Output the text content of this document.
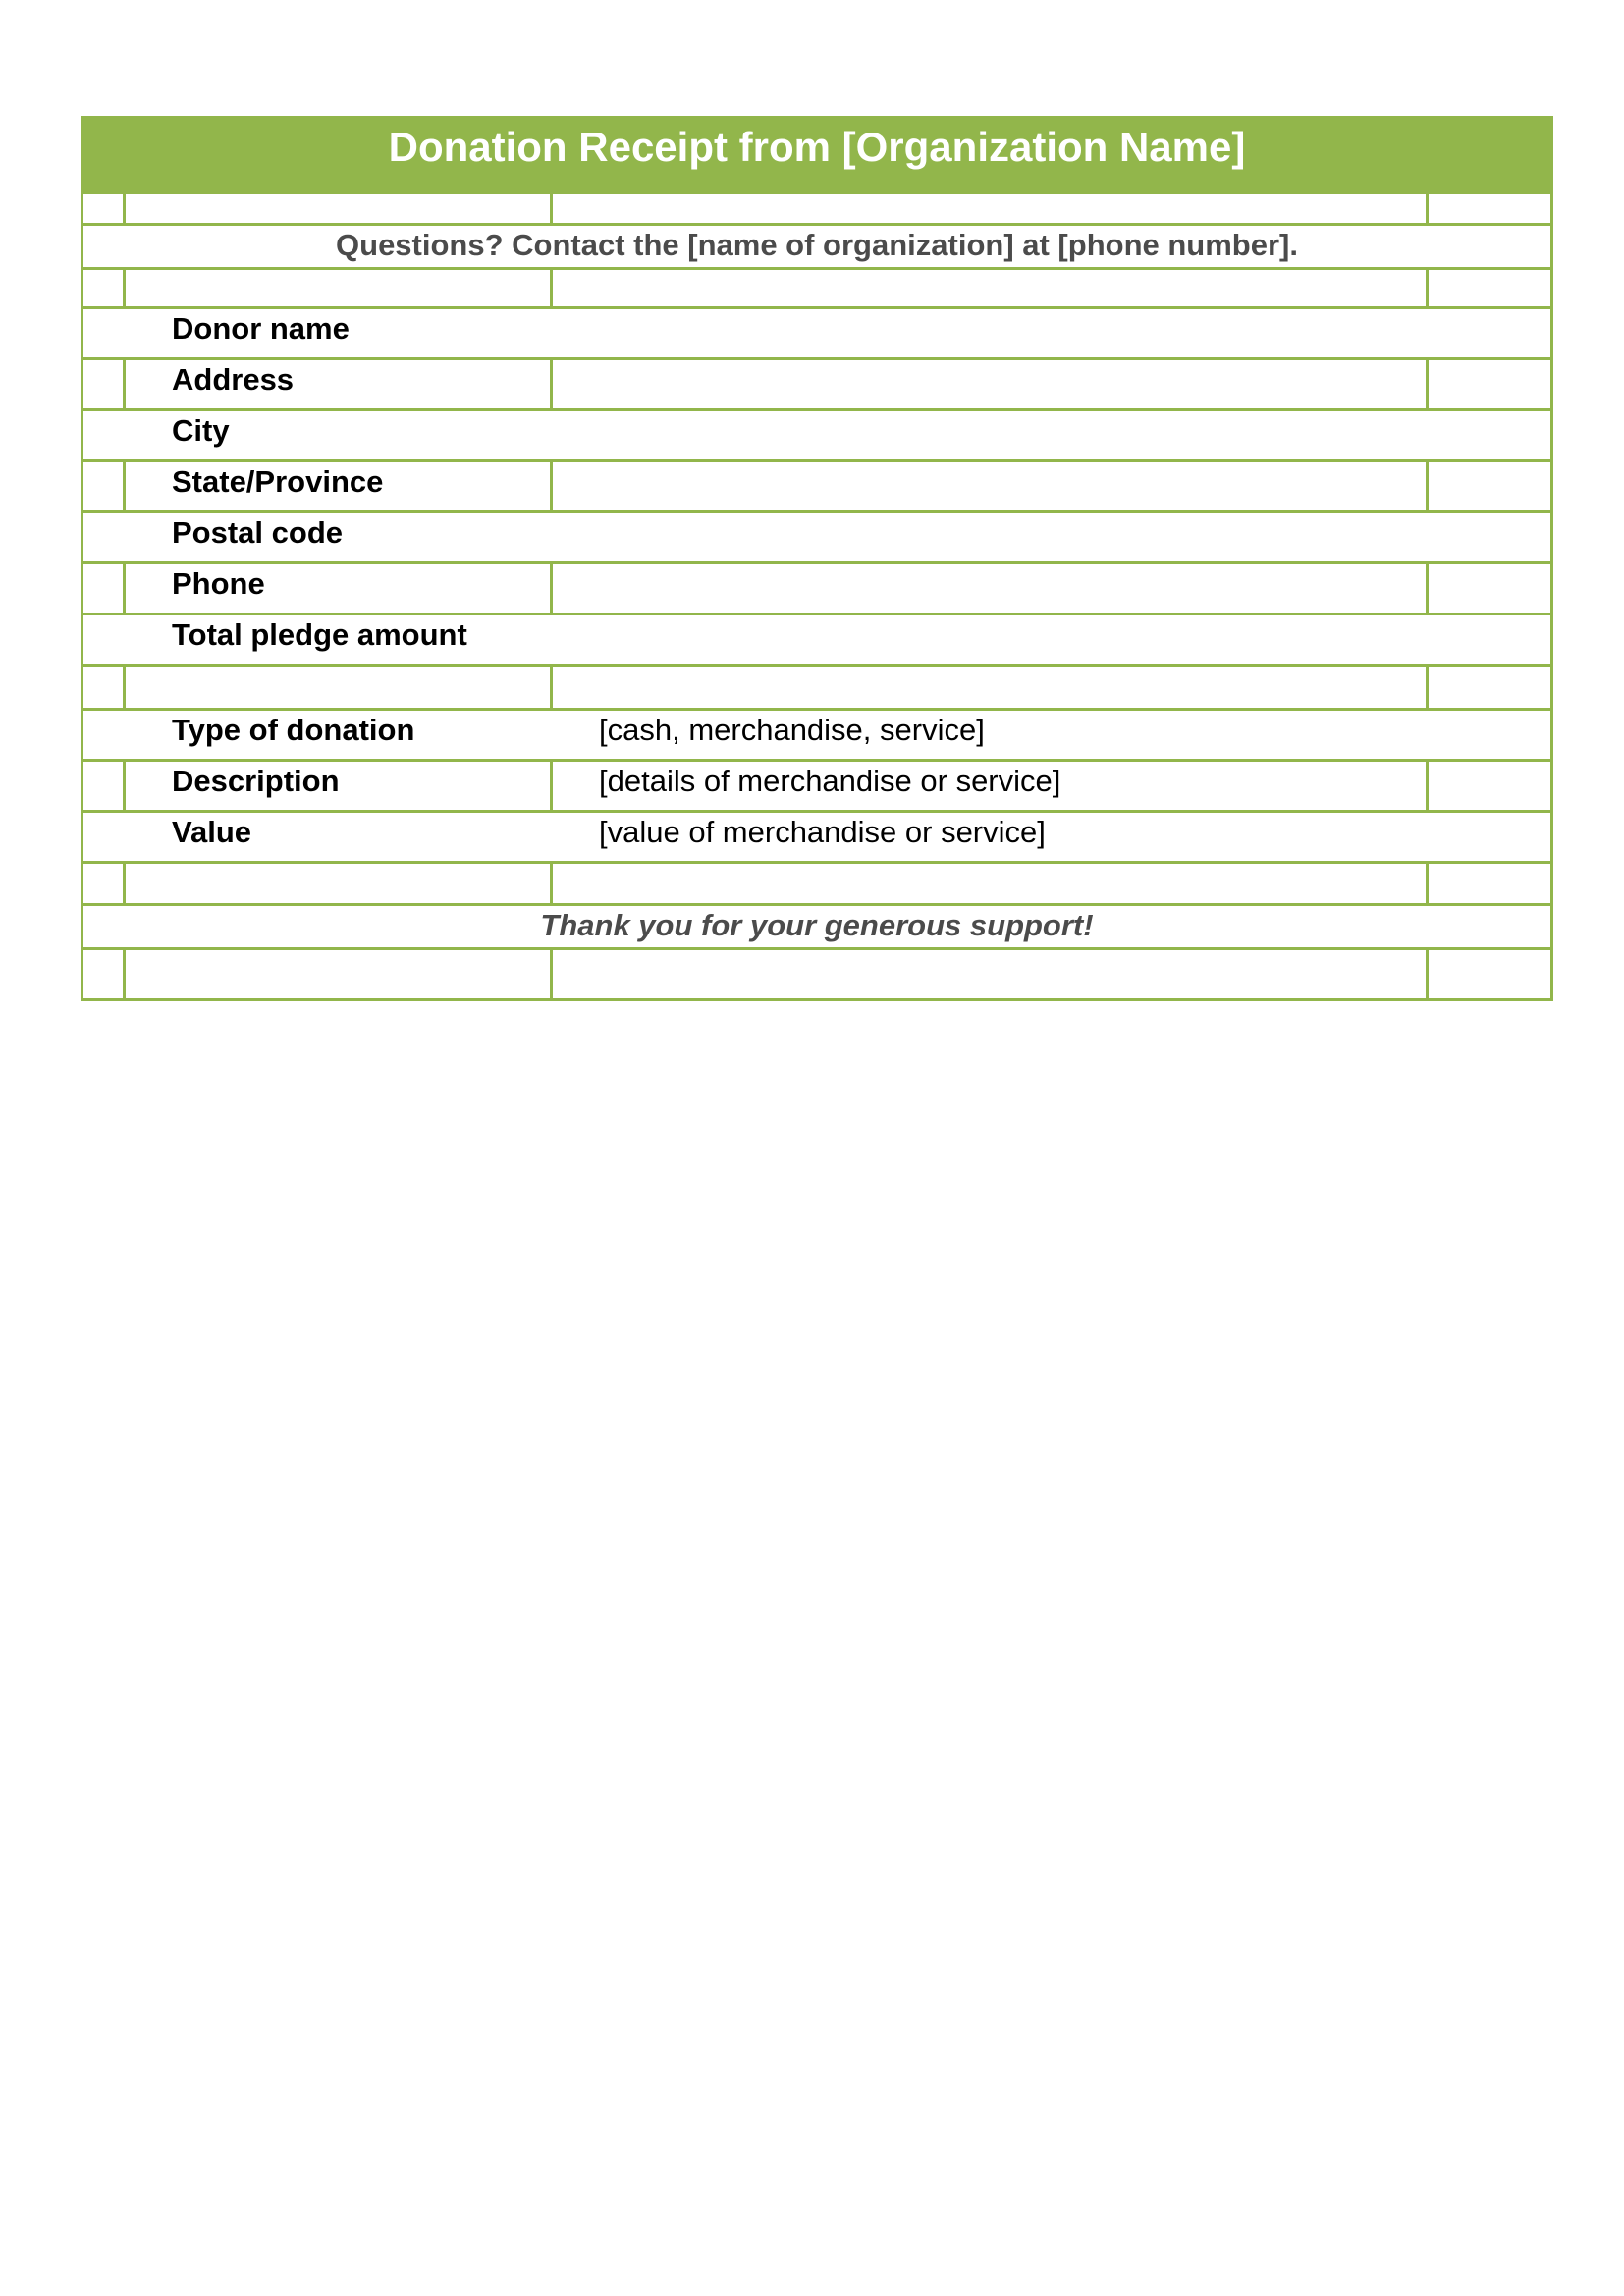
Donation Receipt from [Organization Name]
Questions? Contact the [name of organization] at [phone number].
Donor name
Address
City
State/Province
Postal code
Phone
Total pledge amount
Type of donation	[cash, merchandise, service]
Description	[details of merchandise or service]
Value	[value of merchandise or service]
Thank you for your generous support!
